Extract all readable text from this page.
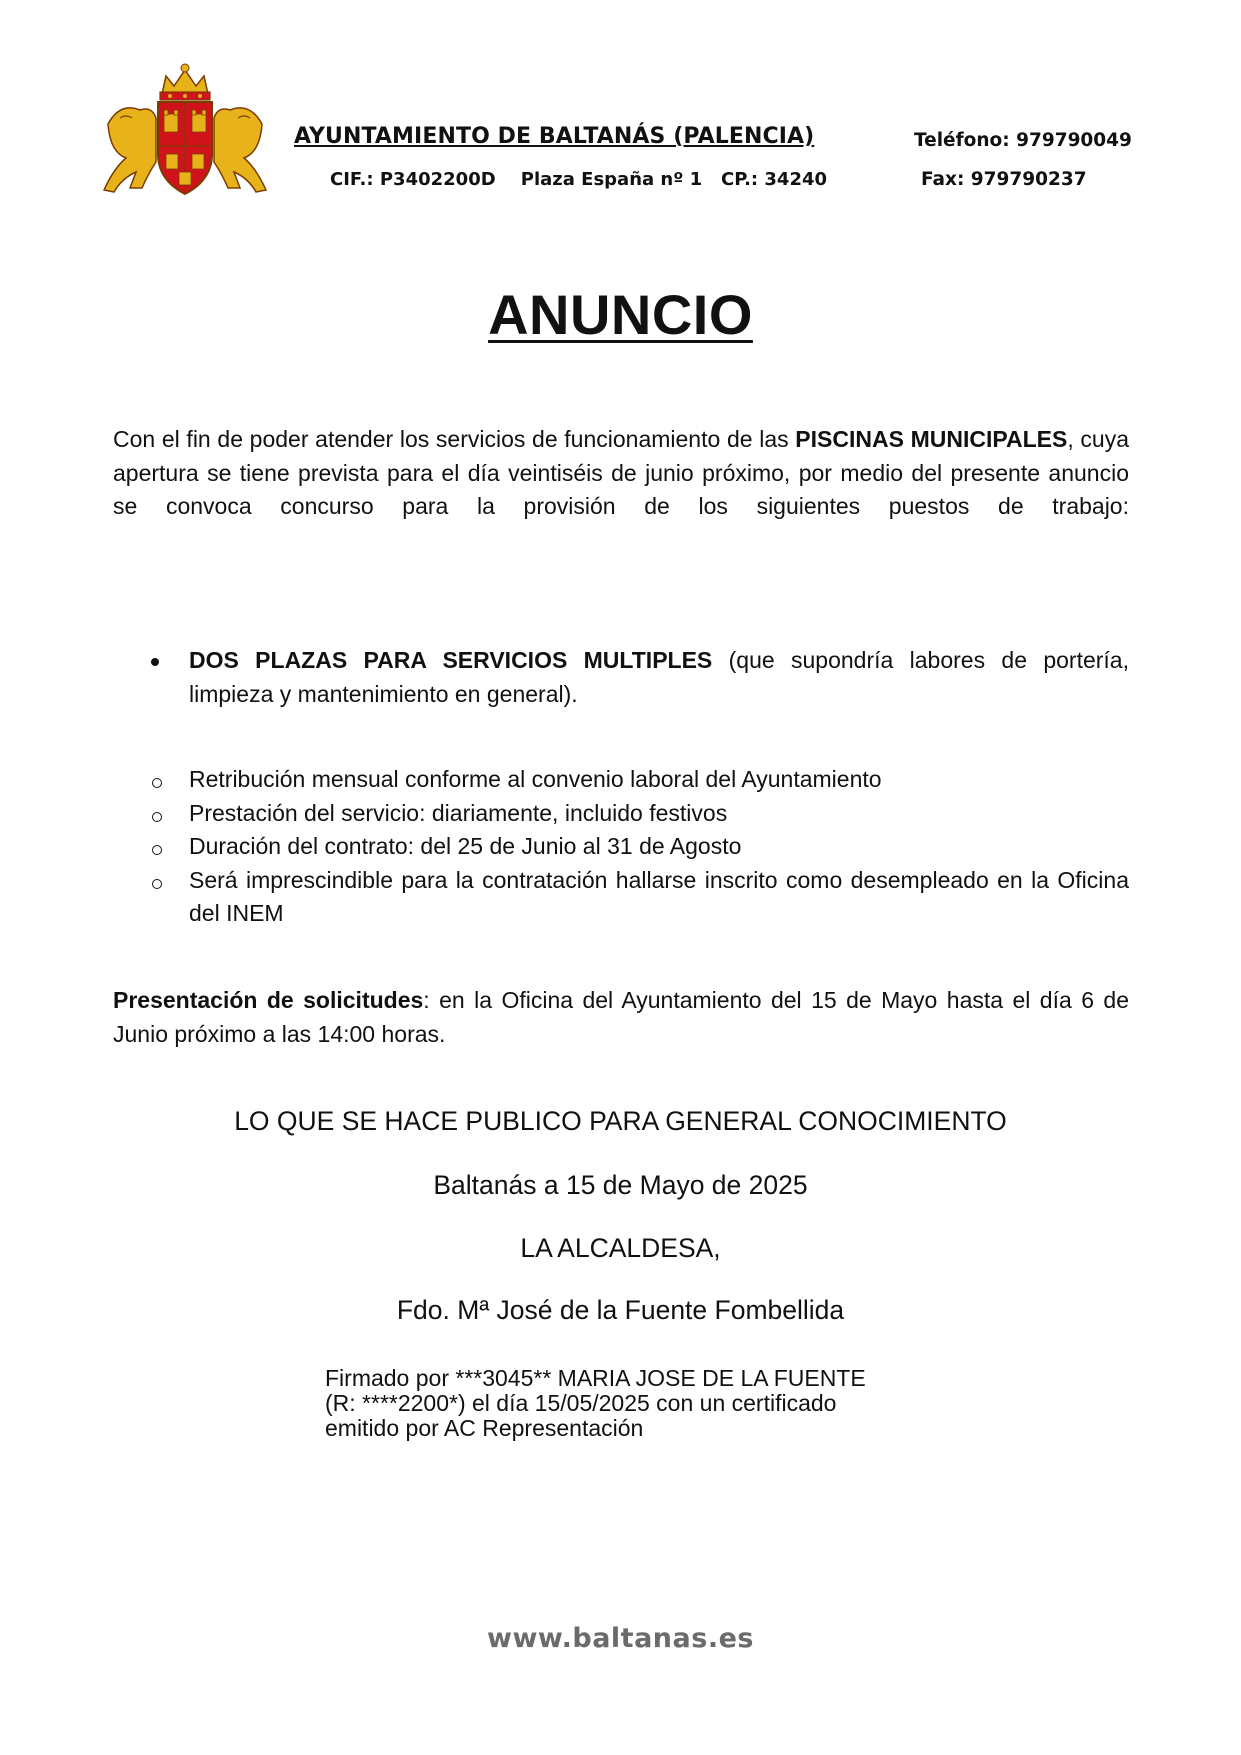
AYUNTAMIENTO DE BALTANÁS (PALENCIA)
CIF.: P3402200D Plaza España nº 1 CP.: 34240
Teléfono: 979790049
Fax: 979790237
ANUNCIO
Con el fin de poder atender los servicios de funcionamiento de las PISCINAS MUNICIPALES, cuya apertura se tiene prevista para el día veintiséis de junio próximo, por medio del presente anuncio se convoca concurso para la provisión de los siguientes puestos de trabajo:
DOS PLAZAS PARA SERVICIOS MULTIPLES (que supondría labores de portería, limpieza y mantenimiento en general).
Retribución mensual conforme al convenio laboral del Ayuntamiento
Prestación del servicio: diariamente, incluido festivos
Duración del contrato: del 25 de Junio al 31 de Agosto
Será imprescindible para la contratación hallarse inscrito como desempleado en la Oficina del INEM
Presentación de solicitudes: en la Oficina del Ayuntamiento del 15 de Mayo hasta el día 6 de Junio próximo a las 14:00 horas.
LO QUE SE HACE PUBLICO PARA GENERAL CONOCIMIENTO
Baltanás a 15 de Mayo de 2025
LA ALCALDESA,
Fdo. Mª José de la Fuente Fombellida
Firmado por ***3045** MARIA JOSE DE LA FUENTE
(R: ****2200*) el día 15/05/2025 con un certificado
emitido por AC Representación
www.baltanas.es
